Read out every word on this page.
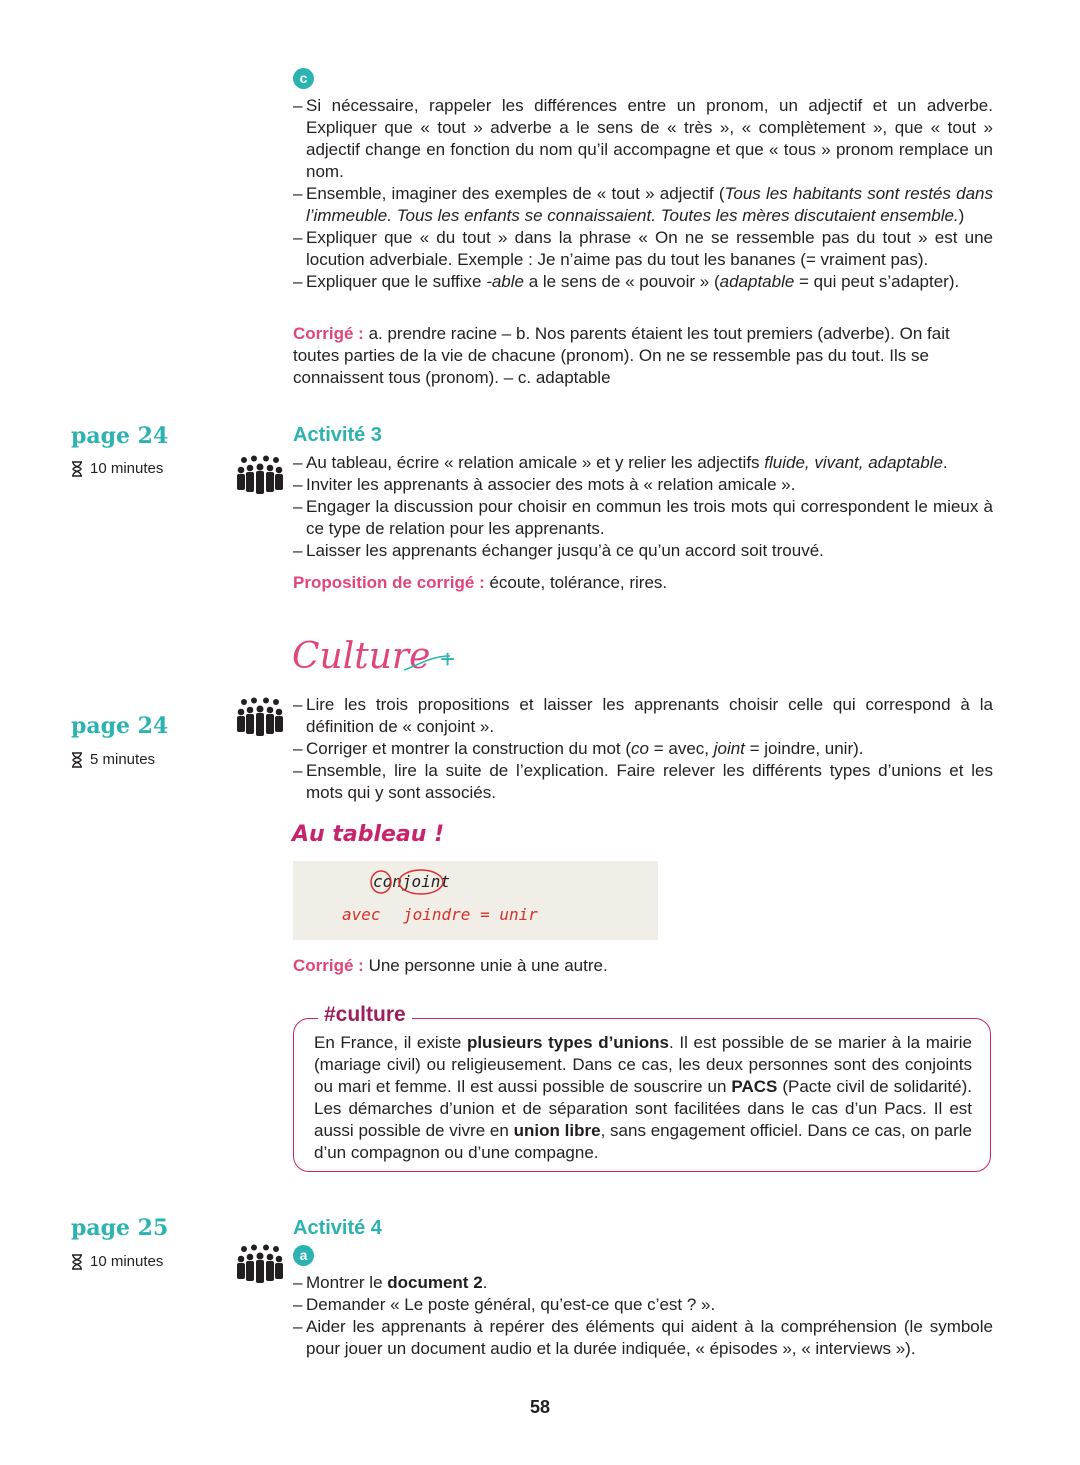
c
– Si nécessaire, rappeler les différences entre un pronom, un adjectif et un adverbe. Expliquer que « tout » adverbe a le sens de « très », « complètement », que « tout » adjectif change en fonction du nom qu’il accompagne et que « tous » pronom remplace un nom.
– Ensemble, imaginer des exemples de « tout » adjectif (Tous les habitants sont restés dans l’immeuble. Tous les enfants se connaissaient. Toutes les mères discutaient ensemble.)
– Expliquer que « du tout » dans la phrase « On ne se ressemble pas du tout » est une locution adverbiale. Exemple : Je n’aime pas du tout les bananes (= vraiment pas).
– Expliquer que le suffixe -able a le sens de « pouvoir » (adaptable = qui peut s’adapter).

Corrigé : a. prendre racine – b. Nos parents étaient les tout premiers (adverbe). On fait toutes parties de la vie de chacune (pronom). On ne se ressemble pas du tout. Ils se connaissent tous (pronom). – c. adaptable

page 24
10 minutes
Activité 3
– Au tableau, écrire « relation amicale » et y relier les adjectifs fluide, vivant, adaptable.
– Inviter les apprenants à associer des mots à « relation amicale ».
– Engager la discussion pour choisir en commun les trois mots qui correspondent le mieux à ce type de relation pour les apprenants.
– Laisser les apprenants échanger jusqu’à ce qu’un accord soit trouvé.

Proposition de corrigé : écoute, tolérance, rires.

Culture +
page 24
5 minutes
– Lire les trois propositions et laisser les apprenants choisir celle qui correspond à la définition de « conjoint ».
– Corriger et montrer la construction du mot (co = avec, joint = joindre, unir).
– Ensemble, lire la suite de l’explication. Faire relever les différents types d’unions et les mots qui y sont associés.
Au tableau !
conjoint
avec joindre = unir

Corrigé : Une personne unie à une autre.

#culture

En France, il existe plusieurs types d’unions. Il est possible de se marier à la mairie (mariage civil) ou religieusement. Dans ce cas, les deux personnes sont des conjoints ou mari et femme. Il est aussi possible de souscrire un PACS (Pacte civil de solidarité). Les démarches d’union et de séparation sont facilitées dans le cas d’un Pacs. Il est aussi possible de vivre en union libre, sans engagement officiel. Dans ce cas, on parle d’un compagnon ou d’une compagne.

page 25
10 minutes
Activité 4
a
– Montrer le document 2.
– Demander « Le poste général, qu’est-ce que c’est ? ».
– Aider les apprenants à repérer des éléments qui aident à la compréhension (le symbole pour jouer un document audio et la durée indiquée, « épisodes », « interviews »).
58
